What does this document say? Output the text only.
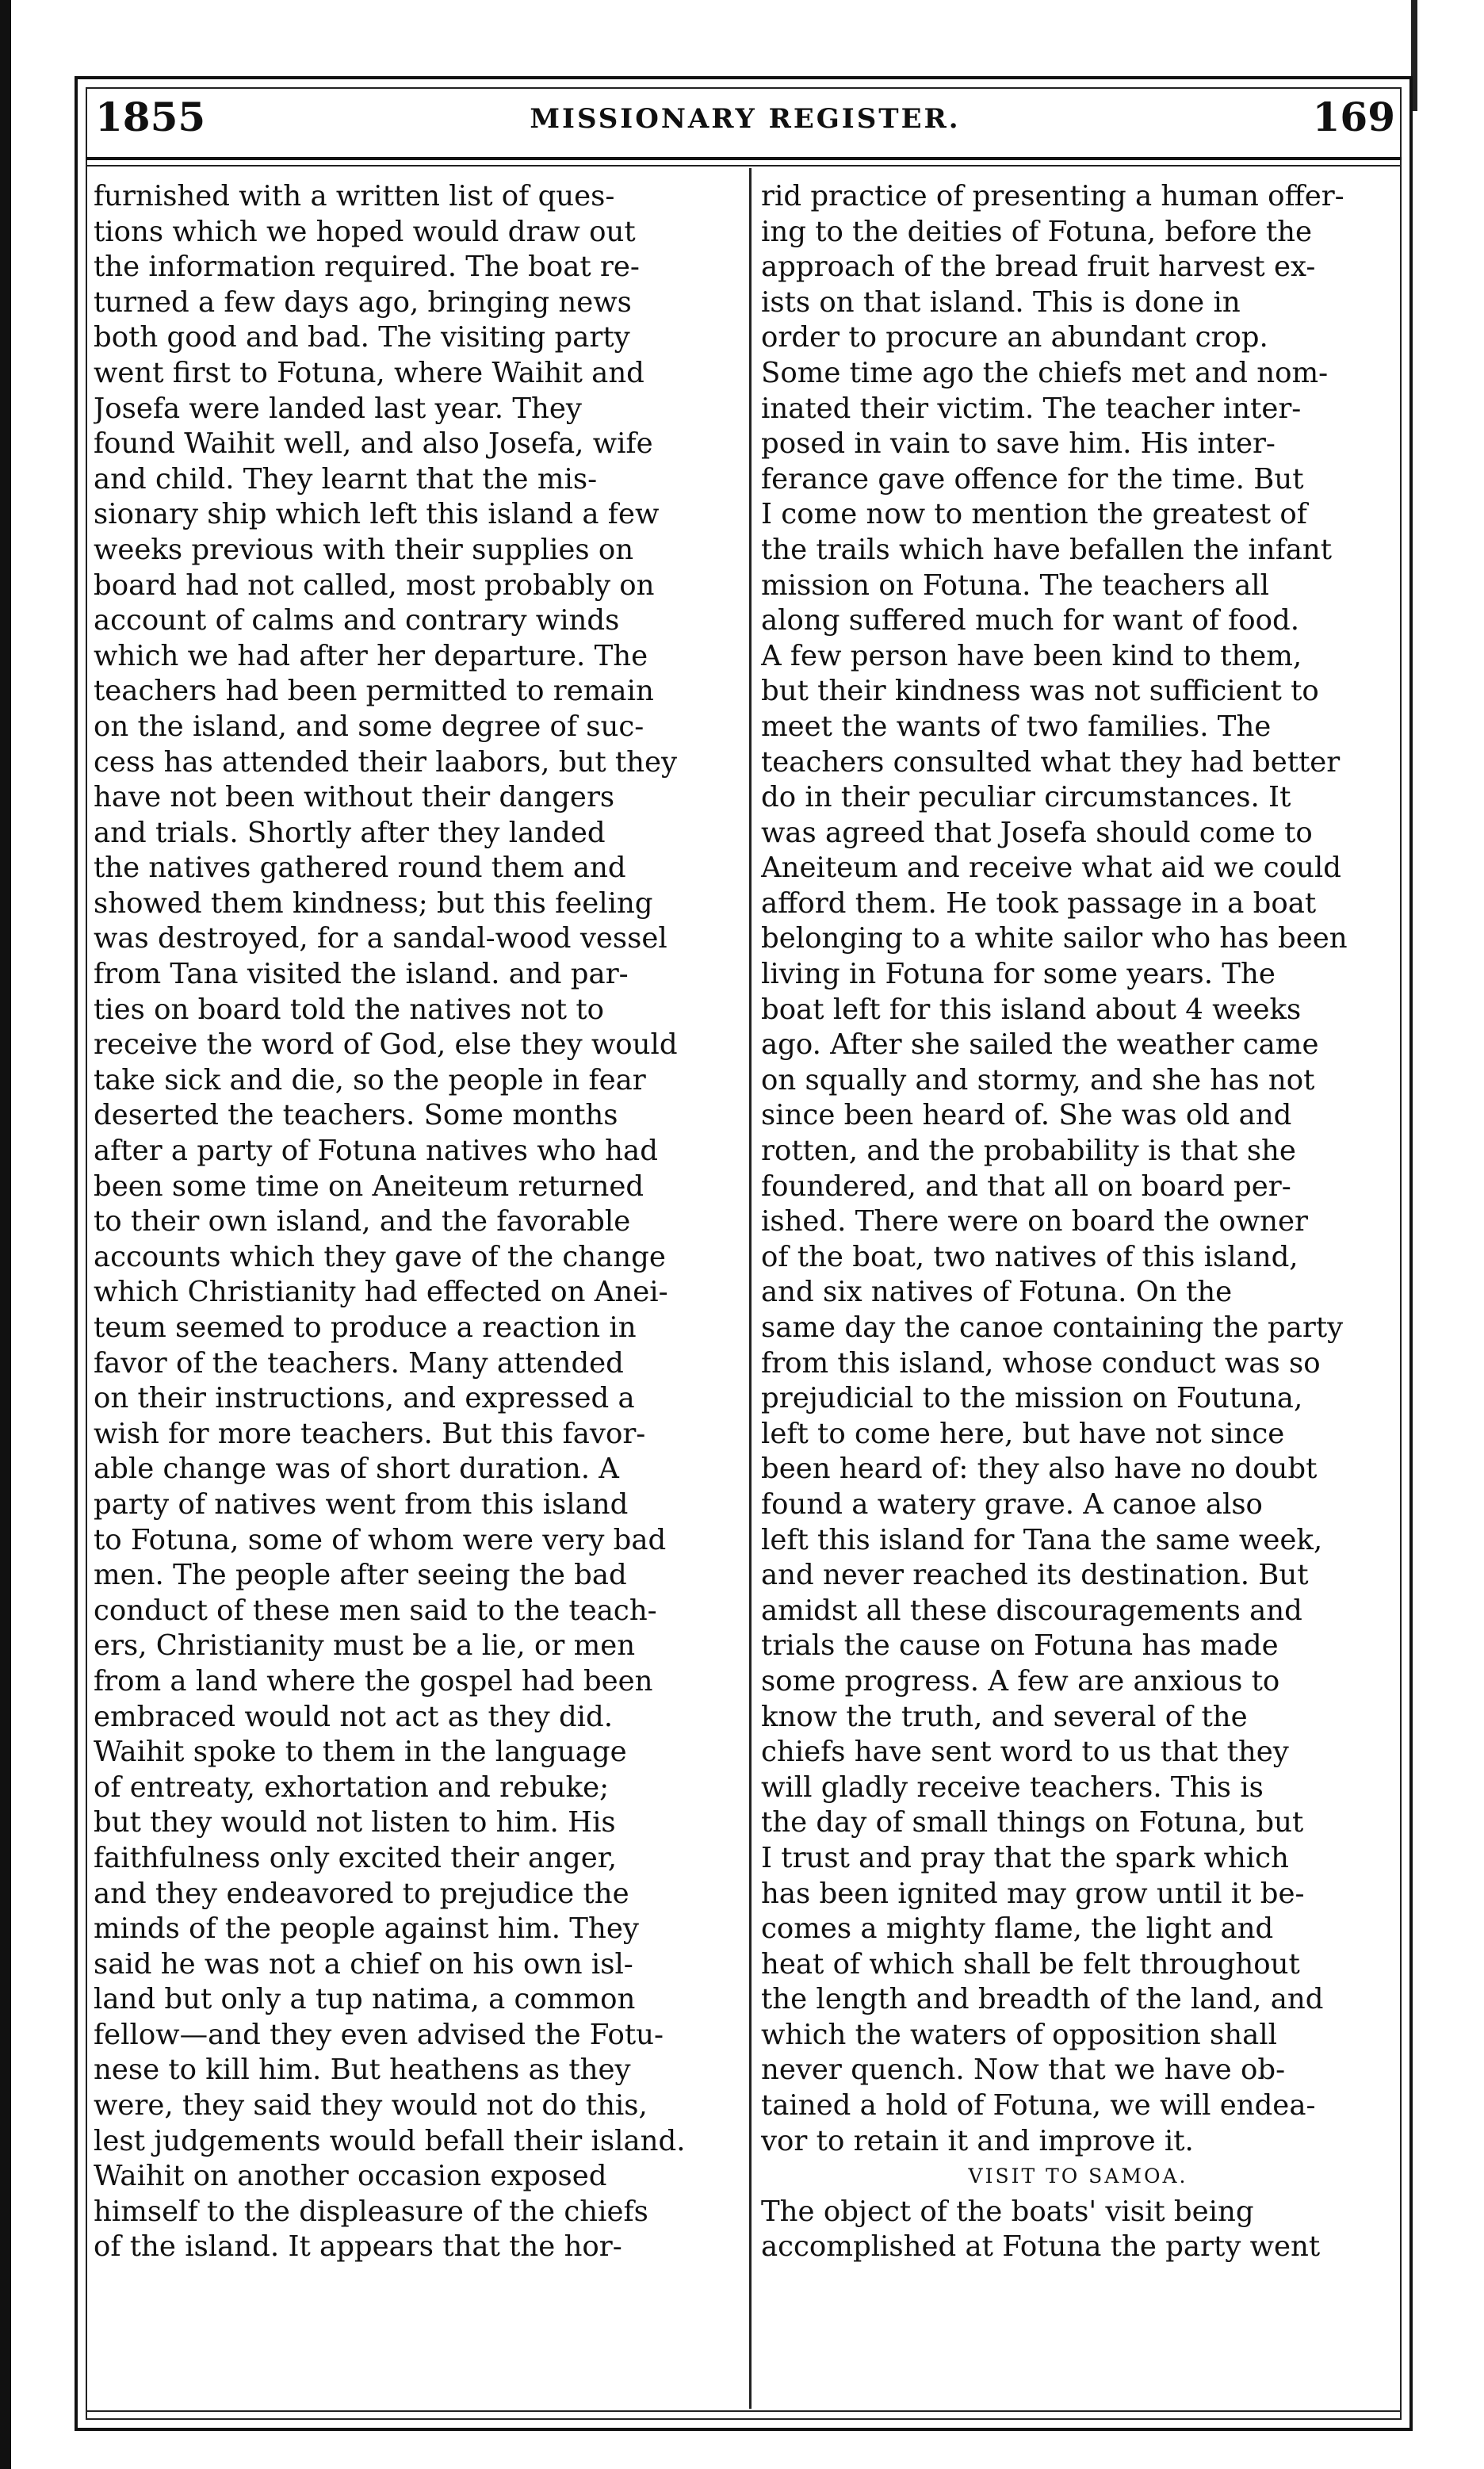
1855	MISSIONARY REGISTER.	169
furnished with a written list of ques-
tions which we hoped would draw out
the information required. The boat re-
turned a few days ago, bringing news
both good and bad. The visiting party
went first to Fotuna, where Waihit and
Josefa were landed last year. They
found Waihit well, and also Josefa, wife
and child. They learnt that the mis-
sionary ship which left this island a few
weeks previous with their supplies on
board had not called, most probably on
account of calms and contrary winds
which we had after her departure. The
teachers had been permitted to remain
on the island, and some degree of suc-
cess has attended their laabors, but they
have not been without their dangers
and trials. Shortly after they landed
the natives gathered round them and
showed them kindness; but this feeling
was destroyed, for a sandal-wood vessel
from Tana visited the island. and par-
ties on board told the natives not to
receive the word of God, else they would
take sick and die, so the people in fear
deserted the teachers. Some months
after a party of Fotuna natives who had
been some time on Aneiteum returned
to their own island, and the favorable
accounts which they gave of the change
which Christianity had effected on Anei-
teum seemed to produce a reaction in
favor of the teachers. Many attended
on their instructions, and expressed a
wish for more teachers. But this favor-
able change was of short duration. A
party of natives went from this island
to Fotuna, some of whom were very bad
men. The people after seeing the bad
conduct of these men said to the teach-
ers, Christianity must be a lie, or men
from a land where the gospel had been
embraced would not act as they did.
Waihit spoke to them in the language
of entreaty, exhortation and rebuke;
but they would not listen to him. His
faithfulness only excited their anger,
and they endeavored to prejudice the
minds of the people against him. They
said he was not a chief on his own isl-
land but only a tup natima, a common
fellow—and they even advised the Fotu-
nese to kill him. But heathens as they
were, they said they would not do this,
lest judgements would befall their island.
Waihit on another occasion exposed
himself to the displeasure of the chiefs
of the island. It appears that the hor-
rid practice of presenting a human offer-
ing to the deities of Fotuna, before the
approach of the bread fruit harvest ex-
ists on that island. This is done in
order to procure an abundant crop.
Some time ago the chiefs met and nom-
inated their victim. The teacher inter-
posed in vain to save him. His inter-
ferance gave offence for the time. But
I come now to mention the greatest of
the trails which have befallen the infant
mission on Fotuna. The teachers all
along suffered much for want of food.
A few person have been kind to them,
but their kindness was not sufficient to
meet the wants of two families. The
teachers consulted what they had better
do in their peculiar circumstances. It
was agreed that Josefa should come to
Aneiteum and receive what aid we could
afford them. He took passage in a boat
belonging to a white sailor who has been
living in Fotuna for some years. The
boat left for this island about 4 weeks
ago. After she sailed the weather came
on squally and stormy, and she has not
since been heard of. She was old and
rotten, and the probability is that she
foundered, and that all on board per-
ished. There were on board the owner
of the boat, two natives of this island,
and six natives of Fotuna. On the
same day the canoe containing the party
from this island, whose conduct was so
prejudicial to the mission on Foutuna,
left to come here, but have not since
been heard of: they also have no doubt
found a watery grave. A canoe also
left this island for Tana the same week,
and never reached its destination. But
amidst all these discouragements and
trials the cause on Fotuna has made
some progress. A few are anxious to
know the truth, and several of the
chiefs have sent word to us that they
will gladly receive teachers. This is
the day of small things on Fotuna, but
I trust and pray that the spark which
has been ignited may grow until it be-
comes a mighty flame, the light and
heat of which shall be felt throughout
the length and breadth of the land, and
which the waters of opposition shall
never quench. Now that we have ob-
tained a hold of Fotuna, we will endea-
vor to retain it and improve it.
VISIT TO SAMOA.
The object of the boats' visit being
accomplished at Fotuna the party went
